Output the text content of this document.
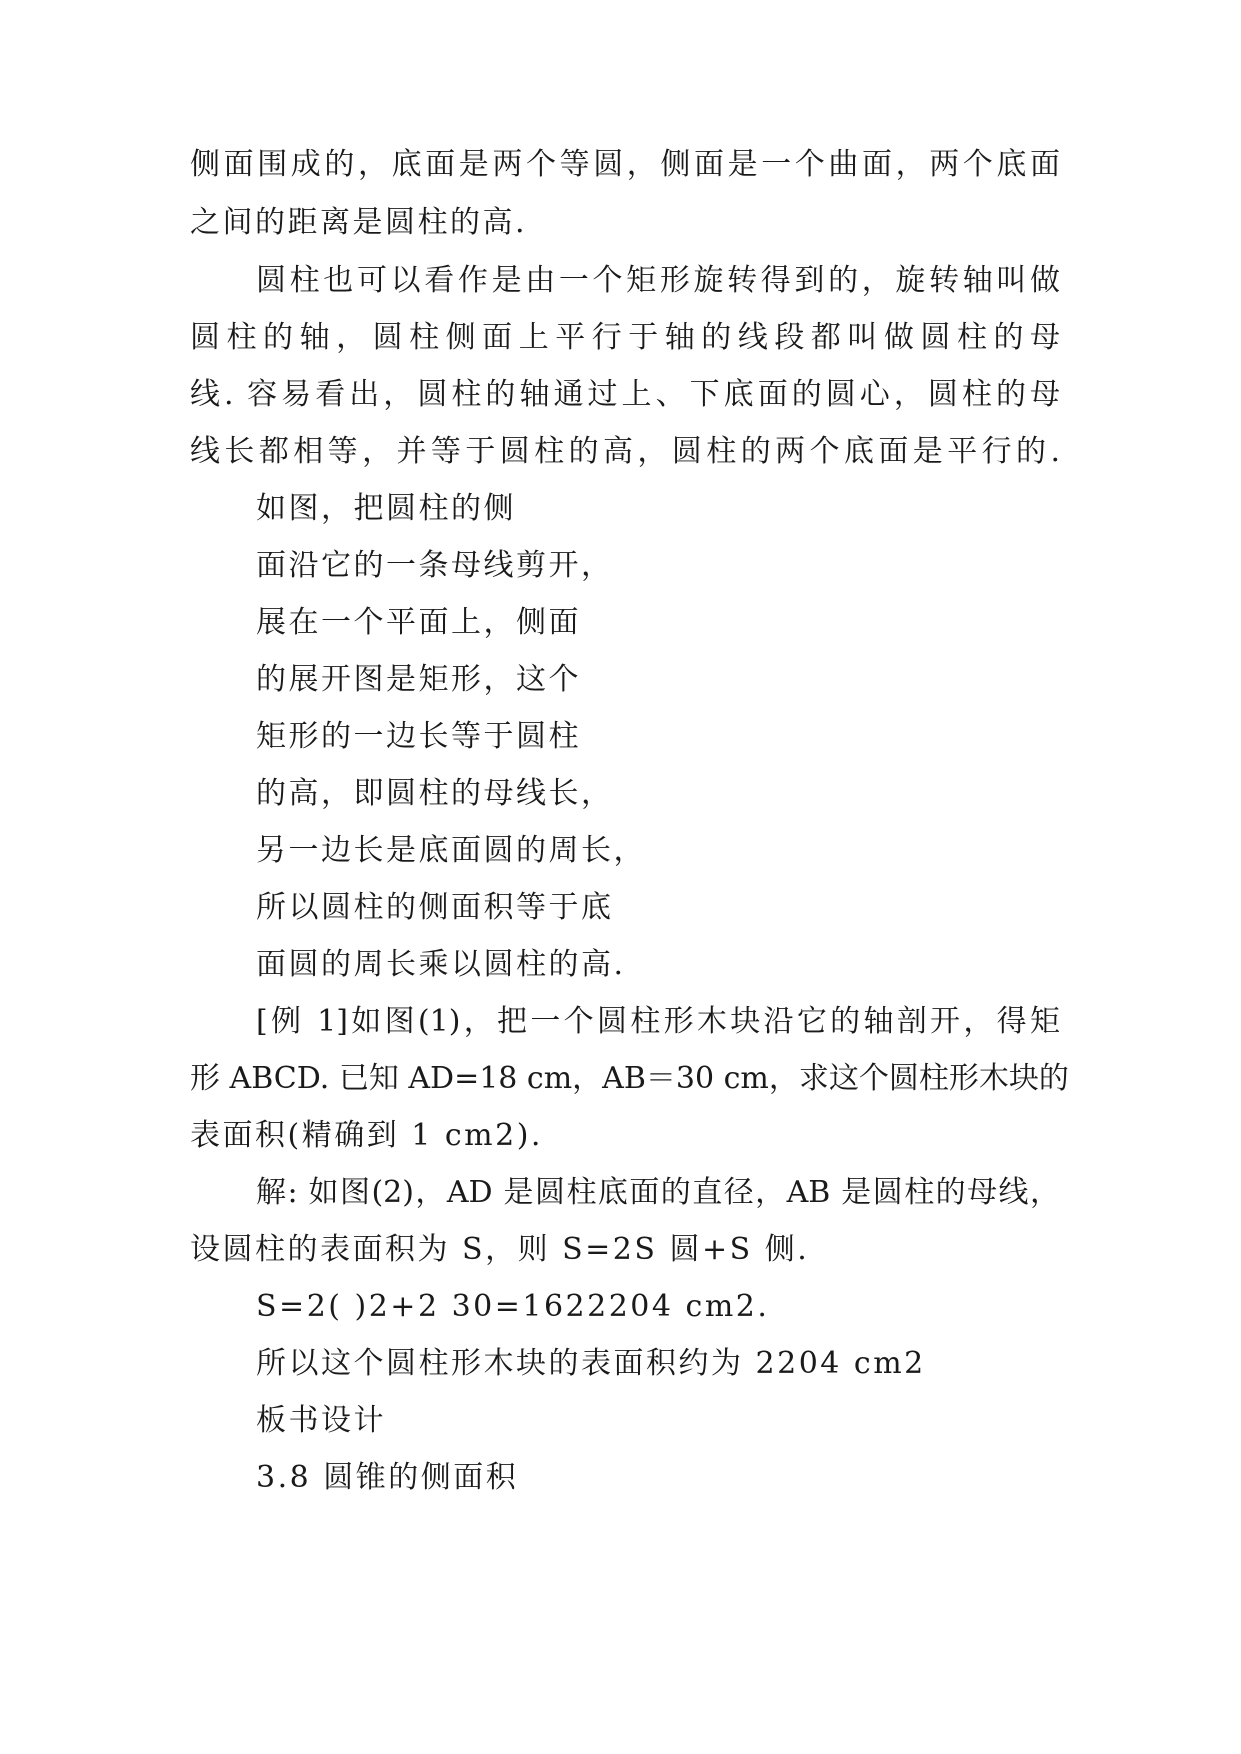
侧面围成的，底面是两个等圆，侧面是一个曲面，两个底面
之间的距离是圆柱的高.
圆柱也可以看作是由一个矩形旋转得到的，旋转轴叫做
圆柱的轴，圆柱侧面上平行于轴的线段都叫做圆柱的母
线. 容易看出，圆柱的轴通过上、下底面的圆心，圆柱的母
线长都相等，并等于圆柱的高，圆柱的两个底面是平行的.
如图，把圆柱的侧
面沿它的一条母线剪开，
展在一个平面上，侧面
的展开图是矩形，这个
矩形的一边长等于圆柱
的高，即圆柱的母线长，
另一边长是底面圆的周长，
所以圆柱的侧面积等于底
面圆的周长乘以圆柱的高.
[例 1]如图(1)，把一个圆柱形木块沿它的轴剖开，得矩
形 ABCD. 已知 AD=18 cm，AB＝30 cm，求这个圆柱形木块的
表面积(精确到 1 cm2).
解: 如图(2)，AD 是圆柱底面的直径，AB 是圆柱的母线，
设圆柱的表面积为 S，则 S=2S 圆+S 侧.
S=2( )2+2 30=1622204 cm2.
所以这个圆柱形木块的表面积约为 2204 cm2
板书设计
3.8 圆锥的侧面积
